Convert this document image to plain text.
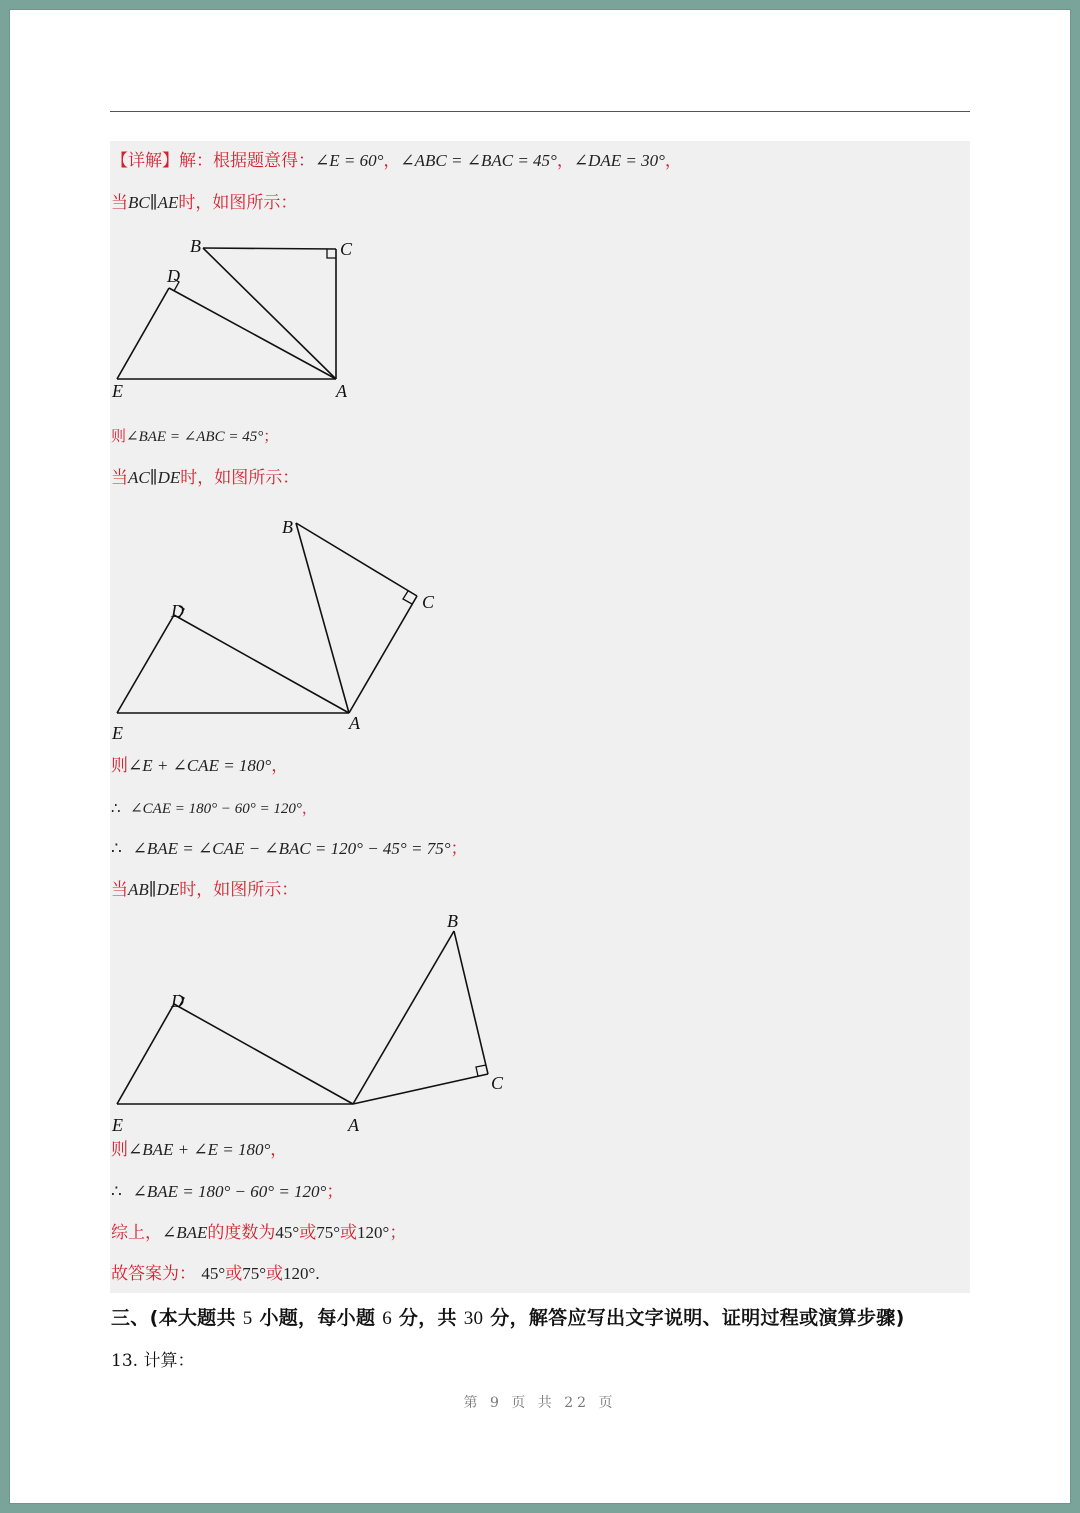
【详解】解：根据题意得：∠E = 60°，∠ABC = ∠BAC = 45°，∠DAE = 30°，
当BC∥AE时，如图所示：
B	C
D
E	A
则∠BAE = ∠ABC = 45°；
当AC∥DE时，如图所示：
B
C
D
E	A
则∠E + ∠CAE = 180°，
∴ ∠CAE = 180° − 60° = 120°，
∴ ∠BAE = ∠CAE − ∠BAC = 120° − 45° = 75°；
当AB∥DE时，如图所示：
B
C
D
E	A
则∠BAE + ∠E = 180°，
∴ ∠BAE = 180° − 60° = 120°；
综上，∠BAE的度数为45°或75°或120°；
故答案为： 45°或75°或120°.
三、(本大题共 5 小题，每小题 6 分，共 30 分，解答应写出文字说明、证明过程或演算步骤)
13. 计算：
第 9 页 共 22 页
